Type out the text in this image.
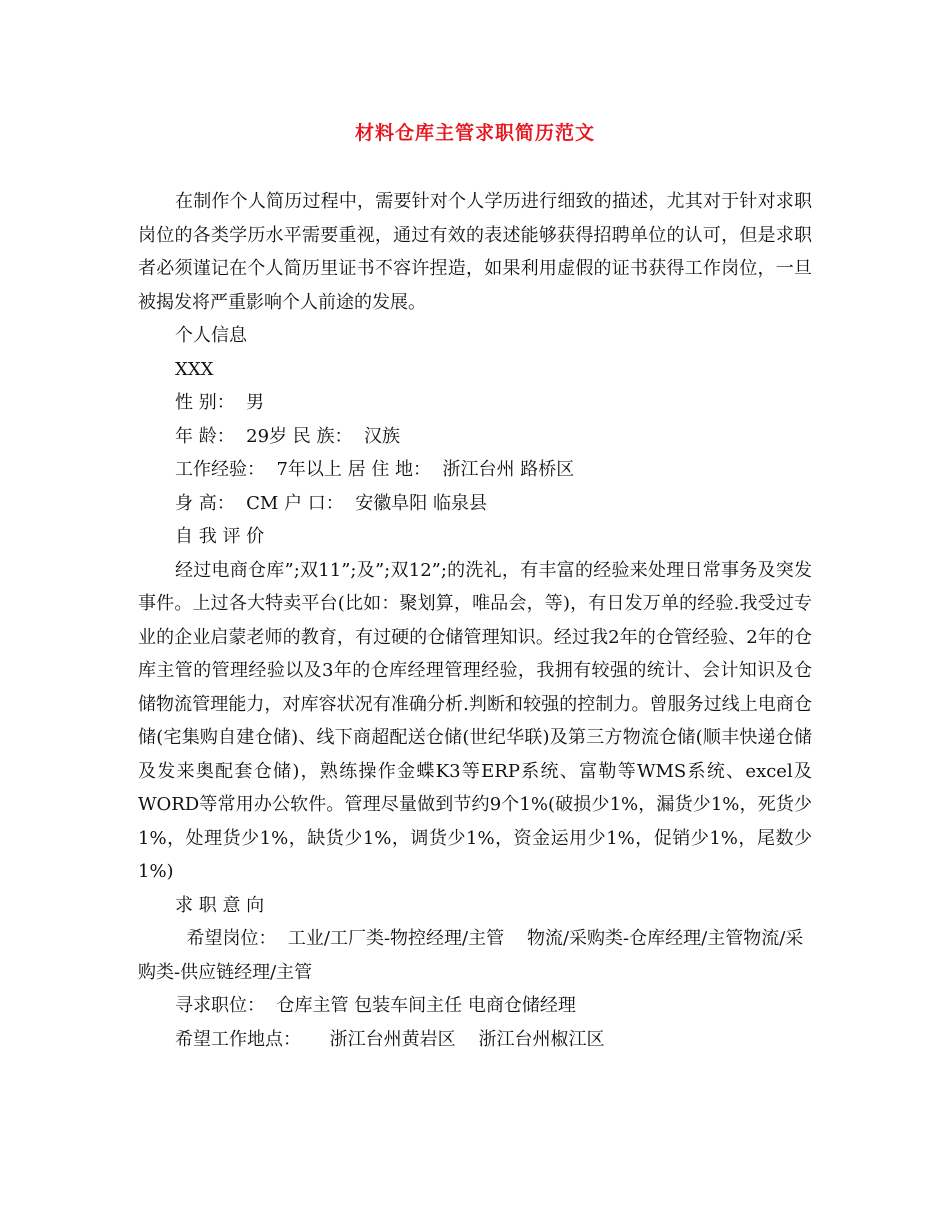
材料仓库主管求职简历范文

在制作个人简历过程中，需要针对个人学历进行细致的描述，尤其对于针对求职岗位的各类学历水平需要重视，通过有效的表述能够获得招聘单位的认可，但是求职者必须谨记在个人简历里证书不容许捏造，如果利用虚假的证书获得工作岗位，一旦被揭发将严重影响个人前途的发展。

个人信息

XXX

性 别：  男

年 龄：  29岁 民 族：  汉族

工作经验：  7年以上 居 住 地：  浙江台州 路桥区

身 高：  CM 户 口：  安徽阜阳 临泉县

自 我 评 价

经过电商仓库”;双11”;及”;双12”;的洗礼，有丰富的经验来处理日常事务及突发事件。上过各大特卖平台(比如：聚划算，唯品会，等)，有日发万单的经验.我受过专业的企业启蒙老师的教育，有过硬的仓储管理知识。经过我2年的仓管经验、2年的仓库主管的管理经验以及3年的仓库经理管理经验，我拥有较强的统计、会计知识及仓储物流管理能力，对库容状况有准确分析.判断和较强的控制力。曾服务过线上电商仓储(宅集购自建仓储)、线下商超配送仓储(世纪华联)及第三方物流仓储(顺丰快递仓储及发来奥配套仓储)，熟练操作金蝶K3等ERP系统、富勒等WMS系统、excel及WORD等常用办公软件。管理尽量做到节约9个1%(破损少1%，漏货少1%，死货少1%，处理货少1%，缺货少1%，调货少1%，资金运用少1%，促销少1%，尾数少1%)

求 职 意 向

希望岗位：  工业/工厂类-物控经理/主管    物流/采购类-仓库经理/主管物流/采购类-供应链经理/主管

寻求职位：  仓库主管 包装车间主任 电商仓储经理

希望工作地点：     浙江台州黄岩区    浙江台州椒江区
